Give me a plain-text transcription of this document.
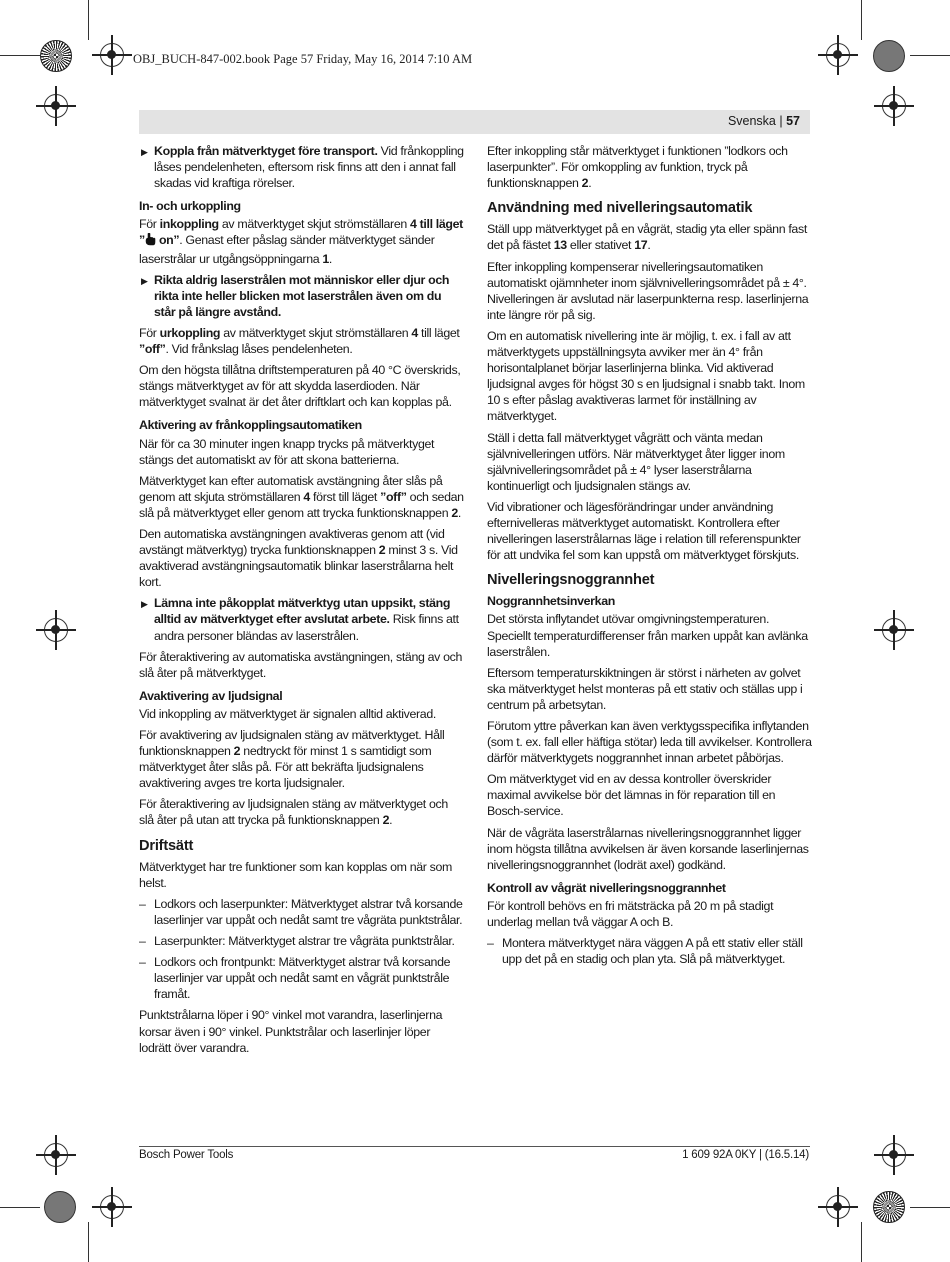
OBJ_BUCH-847-002.book Page 57 Friday, May 16, 2014 7:10 AM
Svenska | 57

▶ Koppla från mätverktyget före transport. Vid frånkoppling låses pendelenheten, eftersom risk finns att den i annat fall skadas vid kraftiga rörelser.

In- och urkoppling

För inkoppling av mätverktyget skjut strömställaren 4 till läget ” on”. Genast efter påslag sänder mätverktyget sänder laserstrålar ur utgångsöppningarna 1.

▶ Rikta aldrig laserstrålen mot människor eller djur och rikta inte heller blicken mot laserstrålen även om du står på längre avstånd.

För urkoppling av mätverktyget skjut strömställaren 4 till läget ”off”. Vid frånkslag låses pendelenheten.

Om den högsta tillåtna driftstemperaturen på 40 °C överskrids, stängs mätverktyget av för att skydda laserdioden. När mätverktyget svalnat är det åter driftklart och kan kopplas på.

Aktivering av frånkopplingsautomatiken

När för ca 30 minuter ingen knapp trycks på mätverktyget stängs det automatiskt av för att skona batterierna.

Mätverktyget kan efter automatisk avstängning åter slås på genom att skjuta strömställaren 4 först till läget ”off” och sedan slå på mätverktyget eller genom att trycka funktionsknappen 2.

Den automatiska avstängningen avaktiveras genom att (vid avstängt mätverktyg) trycka funktionsknappen 2 minst 3 s. Vid avaktiverad avstängningsautomatik blinkar laserstrålarna helt kort.

▶ Lämna inte påkopplat mätverktyg utan uppsikt, stäng alltid av mätverktyget efter avslutat arbete. Risk finns att andra personer bländas av laserstrålen.

För återaktivering av automatiska avstängningen, stäng av och slå åter på mätverktyget.

Avaktivering av ljudsignal

Vid inkoppling av mätverktyget är signalen alltid aktiverad.

För avaktivering av ljudsignalen stäng av mätverktyget. Håll funktionsknappen 2 nedtryckt för minst 1 s samtidigt som mätverktyget åter slås på. För att bekräfta ljudsignalens avaktivering avges tre korta ljudsignaler.

För återaktivering av ljudsignalen stäng av mätverktyget och slå åter på utan att trycka på funktionsknappen 2.

Driftsätt

Mätverktyget har tre funktioner som kan kopplas om när som helst.

– Lodkors och laserpunkter: Mätverktyget alstrar två korsande laserlinjer var uppåt och nedåt samt tre vågräta punktstrålar.

– Laserpunkter: Mätverktyget alstrar tre vågräta punktstrålar.

– Lodkors och frontpunkt: Mätverktyget alstrar två korsande laserlinjer var uppåt och nedåt samt en vågrät punktstråle framåt.

Punktstrålarna löper i 90° vinkel mot varandra, laserlinjerna korsar även i 90° vinkel. Punktstrålar och laserlinjer löper lodrätt över varandra.

Efter inkoppling står mätverktyget i funktionen ”lodkors och laserpunkter”. För omkoppling av funktion, tryck på funktionsknappen 2.

Användning med nivelleringsautomatik

Ställ upp mätverktyget på en vågrät, stadig yta eller spänn fast det på fästet 13 eller stativet 17.

Efter inkoppling kompenserar nivelleringsautomatiken automatiskt ojämnheter inom självnivelleringsområdet på ± 4°. Nivelleringen är avslutad när laserpunkterna resp. laserlinjerna inte längre rör på sig.

Om en automatisk nivellering inte är möjlig, t. ex. i fall av att mätverktygets uppställningsyta avviker mer än 4° från horisontalplanet börjar laserlinjerna blinka. Vid aktiverad ljudsignal avges för högst 30 s en ljudsignal i snabb takt. Inom 10 s efter påslag avaktiveras larmet för inställning av mätverktyget.

Ställ i detta fall mätverktyget vågrätt och vänta medan självnivelleringen utförs. När mätverktyget åter ligger inom självnivelleringsområdet på ± 4° lyser laserstrålarna kontinuerligt och ljudsignalen stängs av.

Vid vibrationer och lägesförändringar under användning efternivelleras mätverktyget automatiskt. Kontrollera efter nivelleringen laserstrålarnas läge i relation till referenspunkter för att undvika fel som kan uppstå om mätverktyget förskjuts.

Nivelleringsnoggrannhet
Noggrannhetsinverkan

Det största inflytandet utövar omgivningstemperaturen. Speciellt temperaturdifferenser från marken uppåt kan avlänka laserstrålen.

Eftersom temperaturskiktningen är störst i närheten av golvet ska mätverktyget helst monteras på ett stativ och ställas upp i centrum på arbetsytan.

Förutom yttre påverkan kan även verktygsspecifika inflytanden (som t. ex. fall eller häftiga stötar) leda till avvikelser. Kontrollera därför mätverktygets noggrannhet innan arbetet påbörjas.

Om mätverktyget vid en av dessa kontroller överskrider maximal avvikelse bör det lämnas in för reparation till en Bosch-service.

När de vågräta laserstrålarnas nivelleringsnoggrannhet ligger inom högsta tillåtna avvikelsen är även korsande laserlinjernas nivelleringsnoggrannhet (lodrät axel) godkänd.

Kontroll av vågrät nivelleringsnoggrannhet

För kontroll behövs en fri mätsträcka på 20 m på stadigt underlag mellan två väggar A och B.

– Montera mätverktyget nära väggen A på ett stativ eller ställ upp det på en stadig och plan yta. Slå på mätverktyget.

Bosch Power Tools	1 609 92A 0KY | (16.5.14)
